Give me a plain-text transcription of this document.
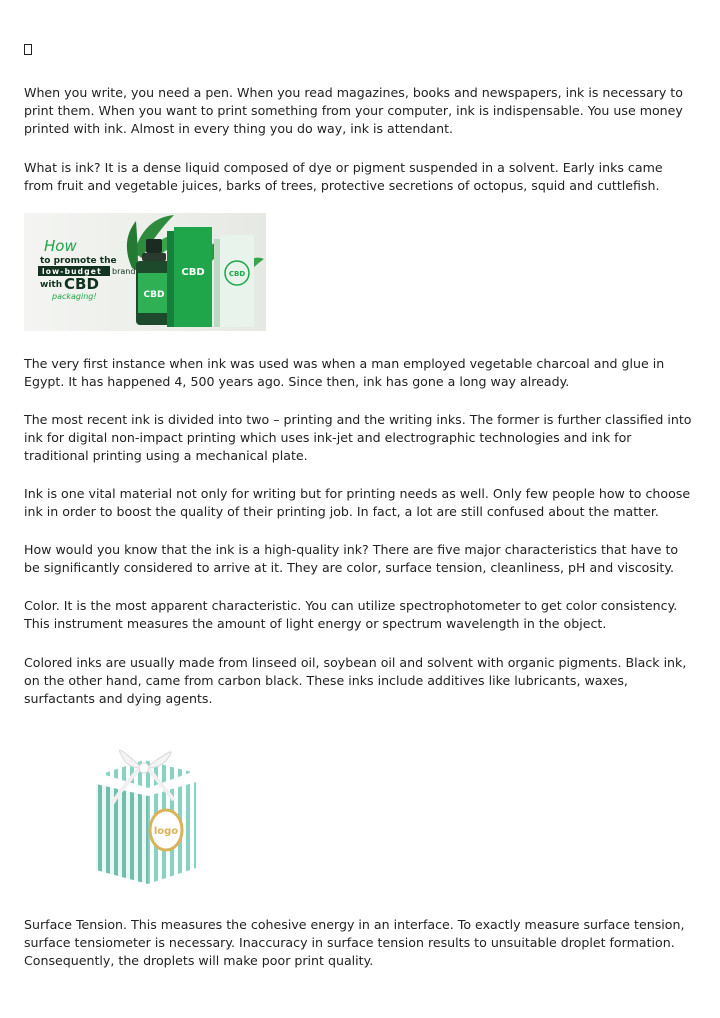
When you write, you need a pen. When you read magazines, books and newspapers, ink is necessary to print them. When you want to print something from your computer, ink is indispensable. You use money printed with ink. Almost in every thing you do way, ink is attendant.

What is ink? It is a dense liquid composed of dye or pigment suspended in a solvent. Early inks came from fruit and vegetable juices, barks of trees, protective secretions of octopus, squid and cuttlefish.

CBD
CBD	CBD
How
to promote the
low-budget brand
with CBD
packaging!

The very first instance when ink was used was when a man employed vegetable charcoal and glue in Egypt. It has happened 4, 500 years ago. Since then, ink has gone a long way already.

The most recent ink is divided into two – printing and the writing inks. The former is further classified into ink for digital non-impact printing which uses ink-jet and electrographic technologies and ink for traditional printing using a mechanical plate.

Ink is one vital material not only for writing but for printing needs as well. Only few people how to choose ink in order to boost the quality of their printing job. In fact, a lot are still confused about the matter.

How would you know that the ink is a high-quality ink? There are five major characteristics that have to be significantly considered to arrive at it. They are color, surface tension, cleanliness, pH and viscosity.

Color. It is the most apparent characteristic. You can utilize spectrophotometer to get color consistency. This instrument measures the amount of light energy or spectrum wavelength in the object.

Colored inks are usually made from linseed oil, soybean oil and solvent with organic pigments. Black ink, on the other hand, came from carbon black. These inks include additives like lubricants, waxes, surfactants and dying agents.

logo

Surface Tension. This measures the cohesive energy in an interface. To exactly measure surface tension, surface tensiometer is necessary. Inaccuracy in surface tension results to unsuitable droplet formation. Consequently, the droplets will make poor print quality.
